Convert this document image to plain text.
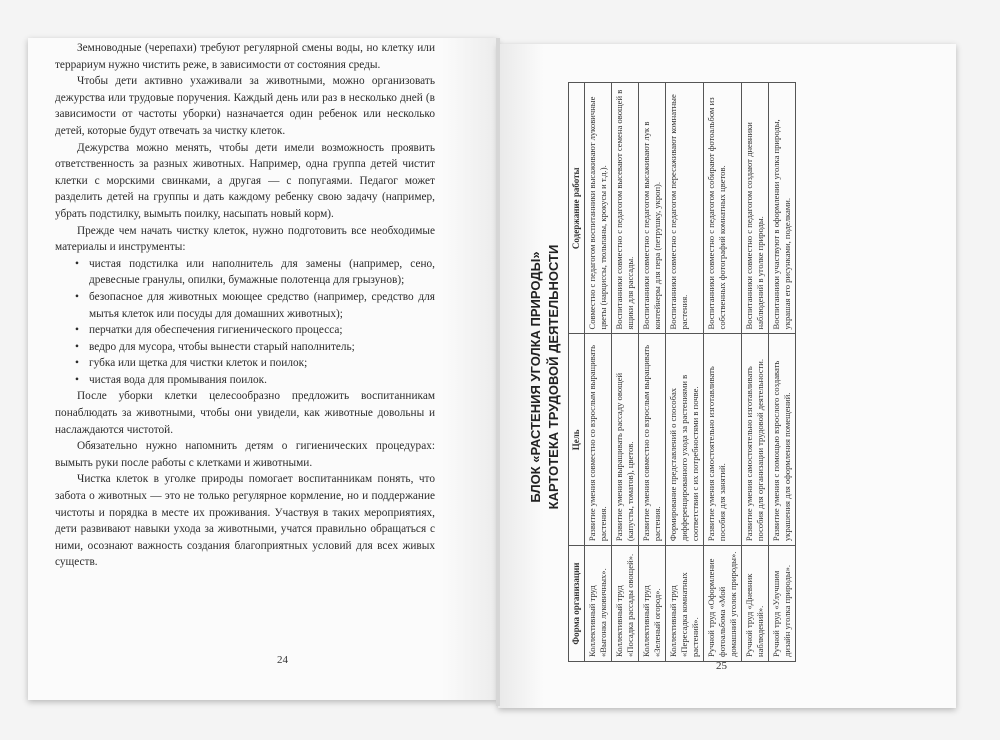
Земноводные (черепахи) требуют регулярной смены воды, но клетку или террариум нужно чистить реже, в зависимости от состояния среды.

Чтобы дети активно ухаживали за животными, можно организовать дежурства или трудовые поручения. Каждый день или раз в несколько дней (в зависимости от частоты уборки) назначается один ребенок или несколько детей, которые будут отвечать за чистку клеток.

Дежурства можно менять, чтобы дети имели возможность проявить ответственность за разных животных. Например, одна группа детей чистит клетки с морскими свинками, а другая — с попугаями. Педагог может разделить детей на группы и дать каждому ребенку свою задачу (например, убрать подстилку, вымыть поилку, насыпать новый корм).

Прежде чем начать чистку клеток, нужно подготовить все необходимые материалы и инструменты:

• чистая подстилка или наполнитель для замены (например, сено, древесные гранулы, опилки, бумажные полотенца для грызунов);
• безопасное для животных моющее средство (например, средство для мытья клеток или посуды для домашних животных);
• перчатки для обеспечения гигиенического процесса;
• ведро для мусора, чтобы вынести старый наполнитель;
• губка или щетка для чистки клеток и поилок;
• чистая вода для промывания поилок.

После уборки клетки целесообразно предложить воспитанникам понаблюдать за животными, чтобы они увидели, как животные довольны и наслаждаются чистотой.

Обязательно нужно напомнить детям о гигиенических процедурах: вымыть руки после работы с клетками и животными.

Чистка клеток в уголке природы помогает воспитанникам понять, что забота о животных — это не только регулярное кормление, но и поддержание чистоты и порядка в месте их проживания. Участвуя в таких мероприятиях, дети развивают навыки ухода за животными, учатся правильно обращаться с ними, осознают важность создания благоприятных условий для всех живых существ.

24	25
БЛОК «РАСТЕНИЯ УГОЛКА ПРИРОДЫ» КАРТОТЕКА ТРУДОВОЙ ДЕЯТЕЛЬНОСТИ
Форма организации	Цель	Содержание работы
Коллективный труд «Выгонка луковичных».	Развитие умения совместно со взрослым выращивать растения.	Совместно с педагогом воспитанники высаживают луковичные цветы (нарциссы, тюльпаны, крокусы и т.д.).
Коллективный труд «Посадка рассады овощей».	Развитие умения выращивать рассаду овощей (капусты, томатов), цветов.	Воспитанники совместно с педагогом высевают семена овощей в ящики для рассады.
Коллективный труд «Зеленый огород».	Развитие умения совместно со взрослым выращивать растения.	Воспитанники совместно с педагогом высаживают лук в контейнеры для пера (петрушку, укроп).
Коллективный труд «Пересадка комнатных растений».	Формирование представлений о способах дифференцированного ухода за растениями в соответствии с их потребностями в почве.	Воспитанники совместно с педагогом пересаживают комнатные растения.
Ручной труд «Оформление фотоальбома «Мой домашний уголок природы».	Развитие умения самостоятельно изготавливать пособия для занятий.	Воспитанники совместно с педагогом собирают фотоальбом из собственных фотографий комнатных цветов.
Ручной труд «Дневник наблюдений».	Развитие умения самостоятельно изготавливать пособия для организации трудовой деятельности.	Воспитанники совместно с педагогом создают дневники наблюдений в уголке природы.
Ручной труд «Улучшим дизайн уголка природы».	Развитие умения с помощью взрослого создавать украшения для оформления помещений.	Воспитанники участвуют в оформлении уголка природы, украшая его рисунками, поделками.
